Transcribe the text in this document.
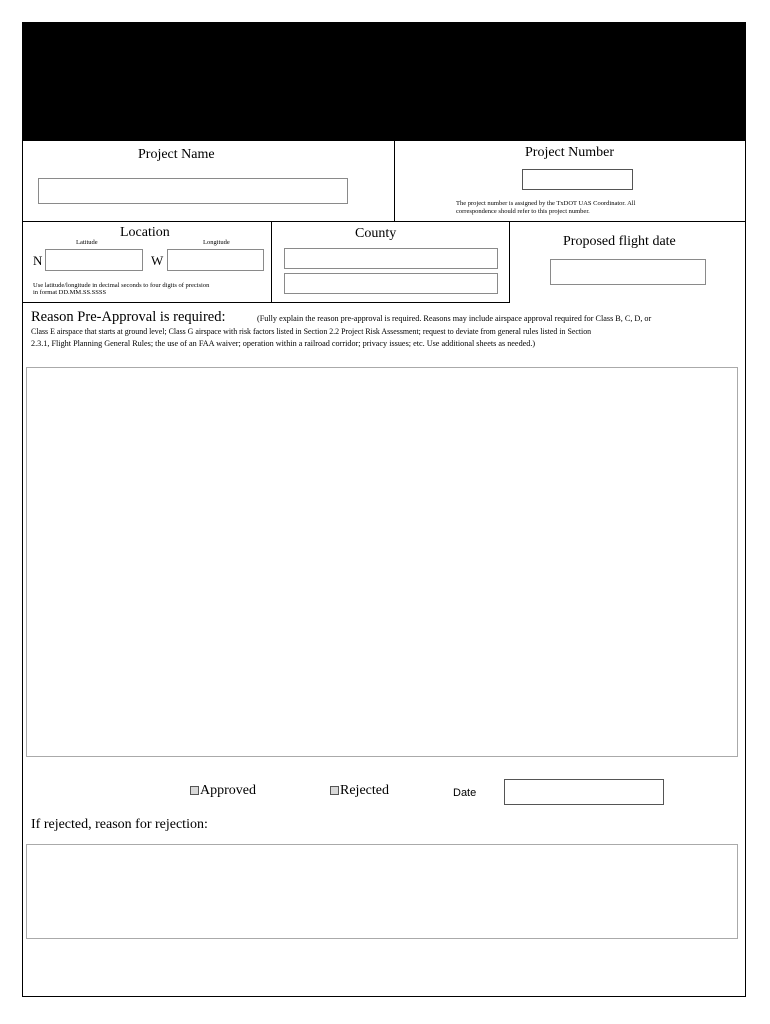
Project Name	Project Number
The project number is assigned by the TxDOT UAS Coordinator. All
correspondence should refer to this project number.
Location
Latitude	Longitude
N	W
Use latitude/longitude in decimal seconds to four digits of precision
in format DD.MM.SS.SSSS
County
Proposed flight date
Reason Pre-Approval is required:	(Fully explain the reason pre-approval is required. Reasons may include airspace approval required for Class B, C, D, or
Class E airspace that starts at ground level; Class G airspace with risk factors listed in Section 2.2 Project Risk Assessment; request to deviate from general rules listed in Section
2.3.1, Flight Planning General Rules; the use of an FAA waiver; operation within a railroad corridor; privacy issues; etc. Use additional sheets as needed.)
Approved	Rejected	Date
If rejected, reason for rejection:
